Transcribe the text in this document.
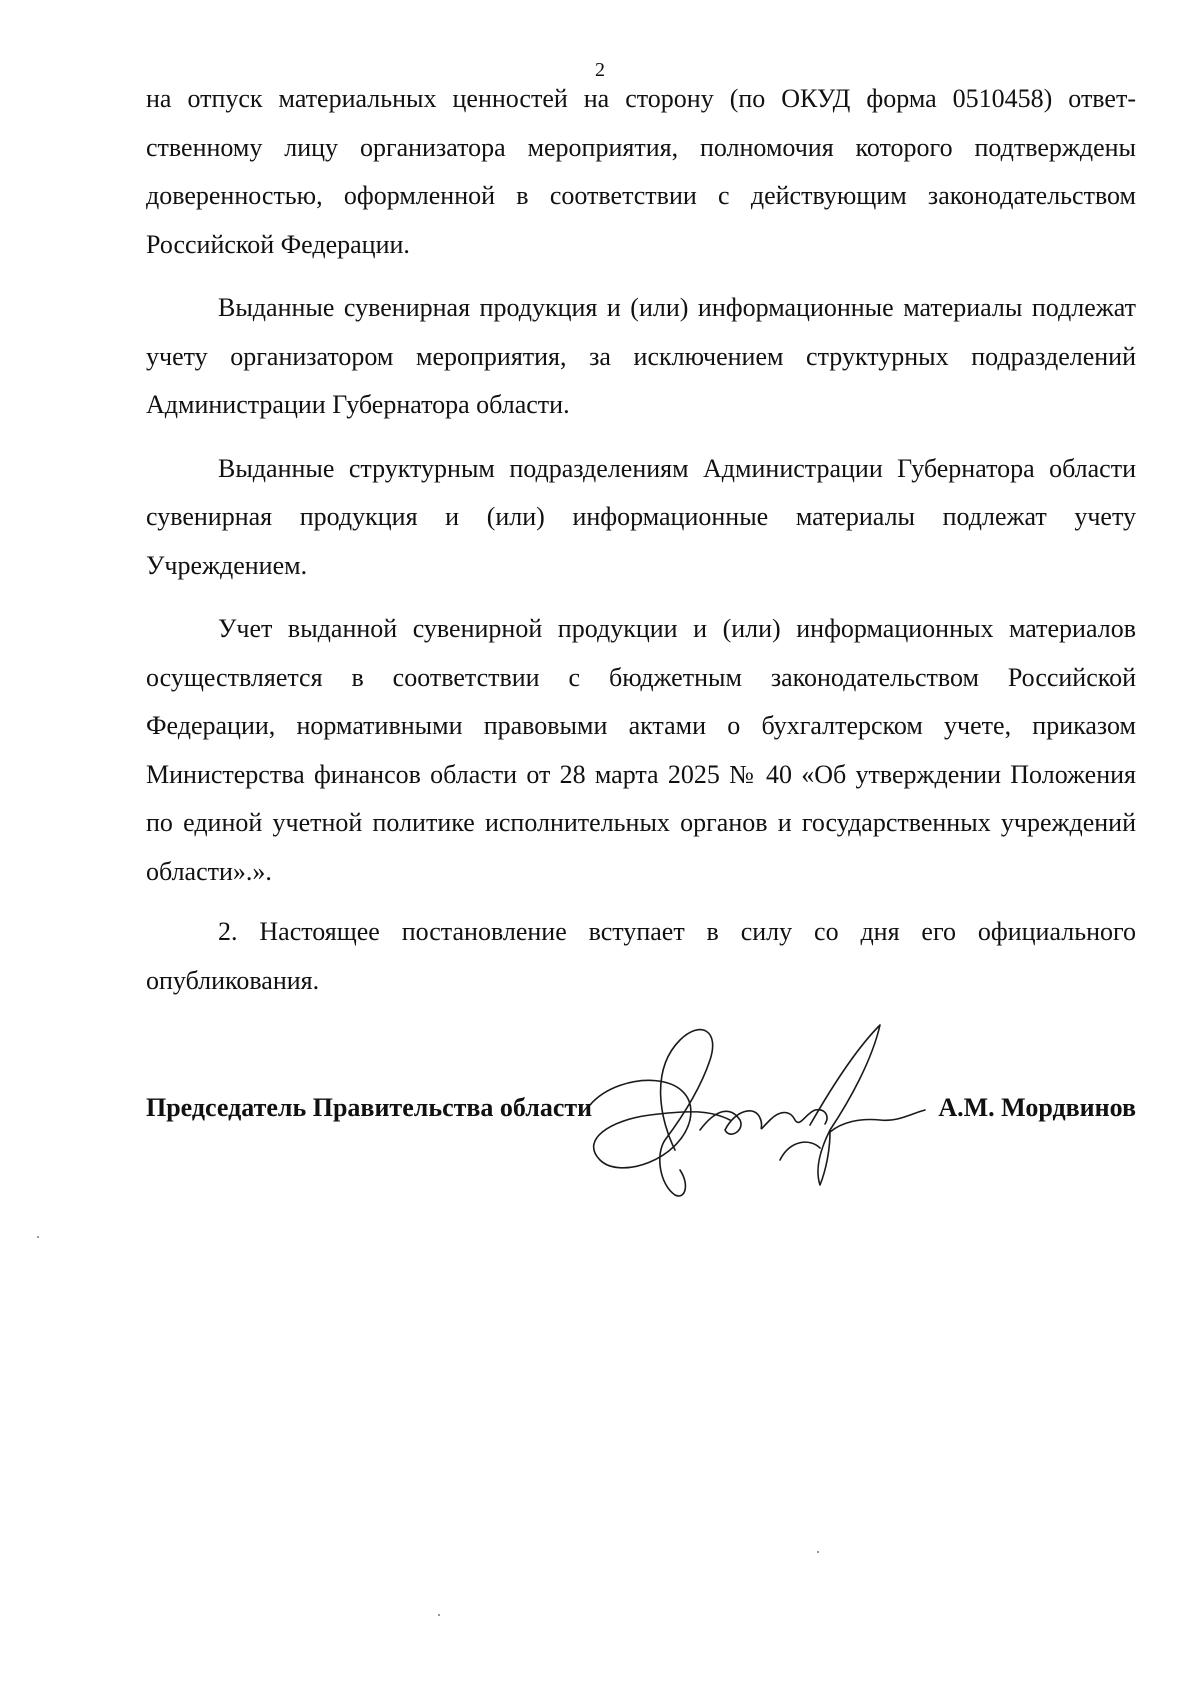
2

на отпуск материальных ценностей на сторону (по ОКУД форма 0510458) ответственному лицу организатора мероприятия, полномочия которого подтверждены доверенностью, оформленной в соответствии с действующим законодательством Российской Федерации.

Выданные сувенирная продукция и (или) информационные материалы подлежат учету организатором мероприятия, за исключением структурных подразделений Администрации Губернатора области.

Выданные структурным подразделениям Администрации Губернатора области сувенирная продукция и (или) информационные материалы подлежат учету Учреждением.

Учет выданной сувенирной продукции и (или) информационных материалов осуществляется в соответствии с бюджетным законодательством Российской Федерации, нормативными правовыми актами о бухгалтерском учете, приказом Министерства финансов области от 28 марта 2025 № 40 «Об утверждении Положения по единой учетной политике исполнительных органов и государственных учреждений области».».

2. Настоящее постановление вступает в силу со дня его официального опубликования.

Председатель Правительства области	А.М. Мордвинов
